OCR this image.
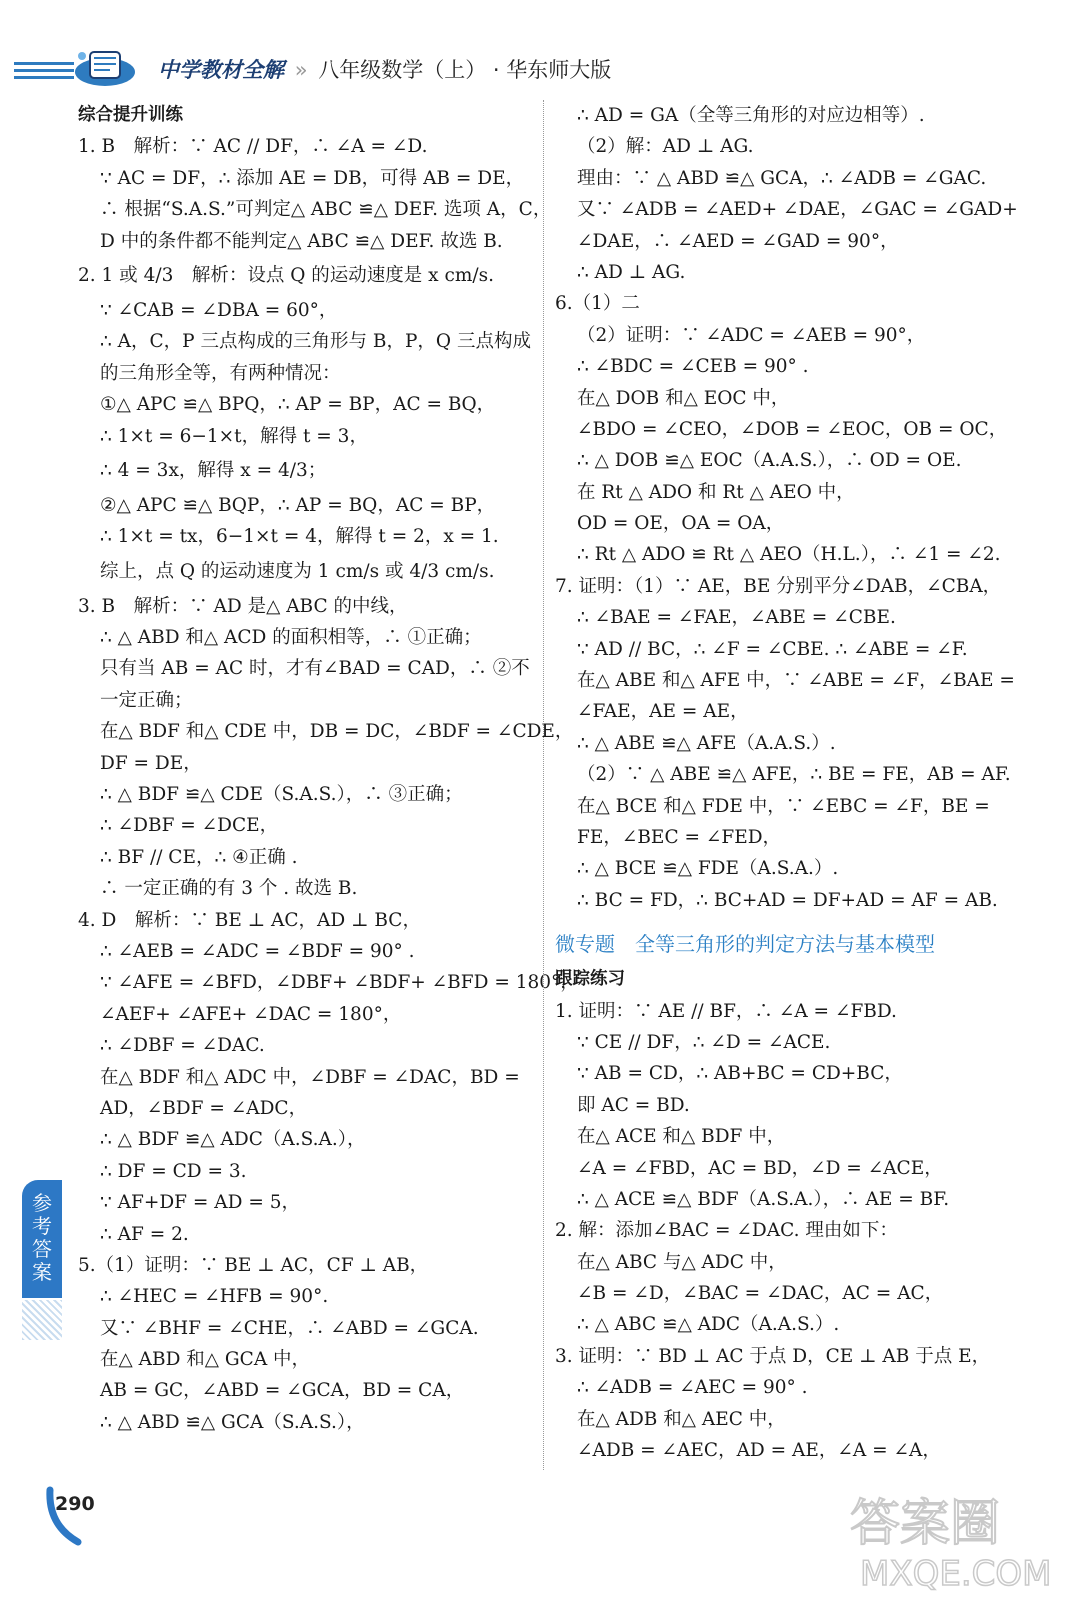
中学教材全解 » 八年级数学（上） · 华东师大版
综合提升训练
1. B　解析：∵ AC // DF，∴ ∠A = ∠D.
∵ AC = DF，∴ 添加 AE = DB，可得 AB = DE，
∴ 根据“S.A.S.”可判定△ ABC ≌△ DEF. 选项 A，C，
D 中的条件都不能判定△ ABC ≌△ DEF. 故选 B.
2. 1 或 4/3　解析：设点 Q 的运动速度是 x cm/s.
∵ ∠CAB = ∠DBA = 60°，
∴ A，C，P 三点构成的三角形与 B，P，Q 三点构成
的三角形全等，有两种情况：
①△ APC ≌△ BPQ，∴ AP = BP，AC = BQ，
∴ 1×t = 6−1×t，解得 t = 3，
∴ 4 = 3x，解得 x = 4/3；
②△ APC ≌△ BQP，∴ AP = BQ，AC = BP，
∴ 1×t = tx，6−1×t = 4，解得 t = 2，x = 1.
综上，点 Q 的运动速度为 1 cm/s 或 4/3 cm/s.
3. B　解析：∵ AD 是△ ABC 的中线，
∴ △ ABD 和△ ACD 的面积相等，∴ ①正确；
只有当 AB = AC 时，才有∠BAD = CAD，∴ ②不
一定正确；
在△ BDF 和△ CDE 中，DB = DC，∠BDF = ∠CDE，
DF = DE，
∴ △ BDF ≌△ CDE（S.A.S.），∴ ③正确；
∴ ∠DBF = ∠DCE，
∴ BF // CE，∴ ④正确 .
∴ 一定正确的有 3 个 . 故选 B.
4. D　解析：∵ BE ⊥ AC，AD ⊥ BC，
∴ ∠AEB = ∠ADC = ∠BDF = 90° .
∵ ∠AFE = ∠BFD，∠DBF+ ∠BDF+ ∠BFD = 180°，
∠AEF+ ∠AFE+ ∠DAC = 180°，
∴ ∠DBF = ∠DAC.
在△ BDF 和△ ADC 中，∠DBF = ∠DAC，BD =
AD，∠BDF = ∠ADC，
∴ △ BDF ≌△ ADC（A.S.A.），
∴ DF = CD = 3.
∵ AF+DF = AD = 5，
∴ AF = 2.
5.（1）证明：∵ BE ⊥ AC，CF ⊥ AB，
∴ ∠HEC = ∠HFB = 90°.
又∵ ∠BHF = ∠CHE，∴ ∠ABD = ∠GCA.
在△ ABD 和△ GCA 中，
AB = GC，∠ABD = ∠GCA，BD = CA，
∴ △ ABD ≌△ GCA（S.A.S.），
∴ AD = GA（全等三角形的对应边相等）.
（2）解：AD ⊥ AG.
理由：∵ △ ABD ≌△ GCA，∴ ∠ADB = ∠GAC.
又∵ ∠ADB = ∠AED+ ∠DAE，∠GAC = ∠GAD+
∠DAE，∴ ∠AED = ∠GAD = 90°，
∴ AD ⊥ AG.
6.（1）二
（2）证明：∵ ∠ADC = ∠AEB = 90°，
∴ ∠BDC = ∠CEB = 90° .
在△ DOB 和△ EOC 中，
∠BDO = ∠CEO，∠DOB = ∠EOC，OB = OC，
∴ △ DOB ≌△ EOC（A.A.S.），∴ OD = OE.
在 Rt △ ADO 和 Rt △ AEO 中，
OD = OE，OA = OA，
∴ Rt △ ADO ≌ Rt △ AEO（H.L.），∴ ∠1 = ∠2.
7. 证明：（1）∵ AE，BE 分别平分∠DAB，∠CBA，
∴ ∠BAE = ∠FAE，∠ABE = ∠CBE.
∵ AD // BC，∴ ∠F = ∠CBE. ∴ ∠ABE = ∠F.
在△ ABE 和△ AFE 中，∵ ∠ABE = ∠F，∠BAE =
∠FAE，AE = AE，
∴ △ ABE ≌△ AFE（A.A.S.）.
（2）∵ △ ABE ≌△ AFE，∴ BE = FE，AB = AF.
在△ BCE 和△ FDE 中，∵ ∠EBC = ∠F，BE =
FE，∠BEC = ∠FED，
∴ △ BCE ≌△ FDE（A.S.A.）.
∴ BC = FD，∴ BC+AD = DF+AD = AF = AB.
微专题　全等三角形的判定方法与基本模型
跟踪练习
1. 证明：∵ AE // BF，∴ ∠A = ∠FBD.
∵ CE // DF，∴ ∠D = ∠ACE.
∵ AB = CD，∴ AB+BC = CD+BC，
即 AC = BD.
在△ ACE 和△ BDF 中，
∠A = ∠FBD，AC = BD，∠D = ∠ACE，
∴ △ ACE ≌△ BDF（A.S.A.），∴ AE = BF.
2. 解：添加∠BAC = ∠DAC. 理由如下：
在△ ABC 与△ ADC 中，
∠B = ∠D，∠BAC = ∠DAC，AC = AC，
∴ △ ABC ≌△ ADC（A.A.S.）.
3. 证明：∵ BD ⊥ AC 于点 D，CE ⊥ AB 于点 E，
∴ ∠ADB = ∠AEC = 90° .
在△ ADB 和△ AEC 中，
∠ADB = ∠AEC，AD = AE，∠A = ∠A，
参考答案
290	答案圈
MXQE.COM
